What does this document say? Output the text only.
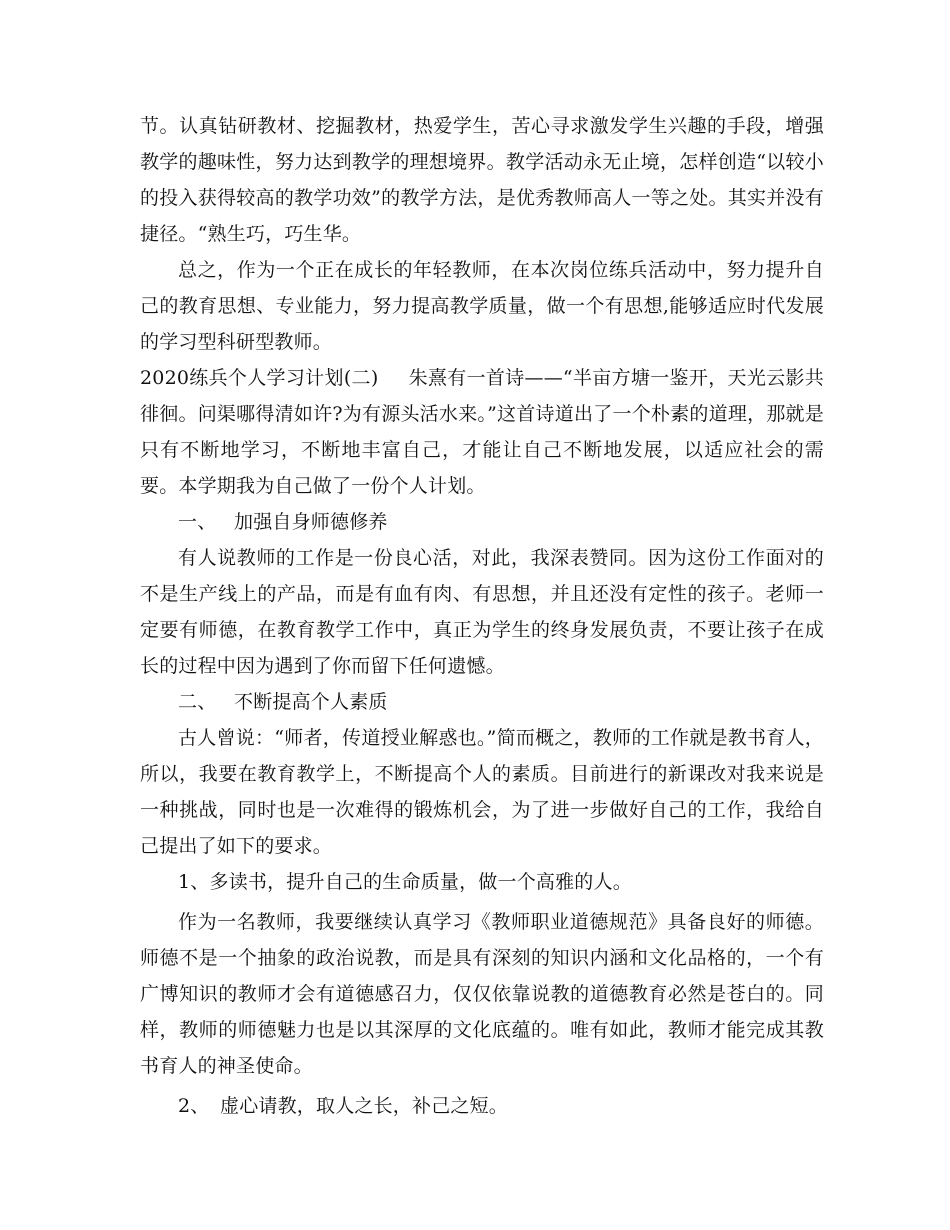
节。认真钻研教材、挖掘教材，热爱学生，苦心寻求激发学生兴趣的手段，增强教学的趣味性，努力达到教学的理想境界。教学活动永无止境，怎样创造“以较小的投入获得较高的教学功效”的教学方法，是优秀教师高人一等之处。其实并没有捷径。“熟生巧，巧生华。

总之，作为一个正在成长的年轻教师，在本次岗位练兵活动中，努力提升自己的教育思想、专业能力，努力提高教学质量，做一个有思想,能够适应时代发展的学习型科研型教师。

2020练兵个人学习计划(二) 朱熹有一首诗——“半亩方塘一鉴开，天光云影共徘徊。问渠哪得清如许?为有源头活水来。”这首诗道出了一个朴素的道理，那就是只有不断地学习，不断地丰富自己，才能让自己不断地发展，以适应社会的需要。本学期我为自己做了一份个人计划。

一、 加强自身师德修养

有人说教师的工作是一份良心活，对此，我深表赞同。因为这份工作面对的不是生产线上的产品，而是有血有肉、有思想，并且还没有定性的孩子。老师一定要有师德，在教育教学工作中，真正为学生的终身发展负责，不要让孩子在成长的过程中因为遇到了你而留下任何遗憾。

二、 不断提高个人素质

古人曾说：“师者，传道授业解惑也。”简而概之，教师的工作就是教书育人，所以，我要在教育教学上，不断提高个人的素质。目前进行的新课改对我来说是一种挑战，同时也是一次难得的锻炼机会，为了进一步做好自己的工作，我给自己提出了如下的要求。

1、多读书，提升自己的生命质量，做一个高雅的人。

作为一名教师，我要继续认真学习《教师职业道德规范》具备良好的师德。师德不是一个抽象的政治说教，而是具有深刻的知识内涵和文化品格的，一个有广博知识的教师才会有道德感召力，仅仅依靠说教的道德教育必然是苍白的。同样，教师的师德魅力也是以其深厚的文化底蕴的。唯有如此，教师才能完成其教书育人的神圣使命。

2、 虚心请教，取人之长，补己之短。
